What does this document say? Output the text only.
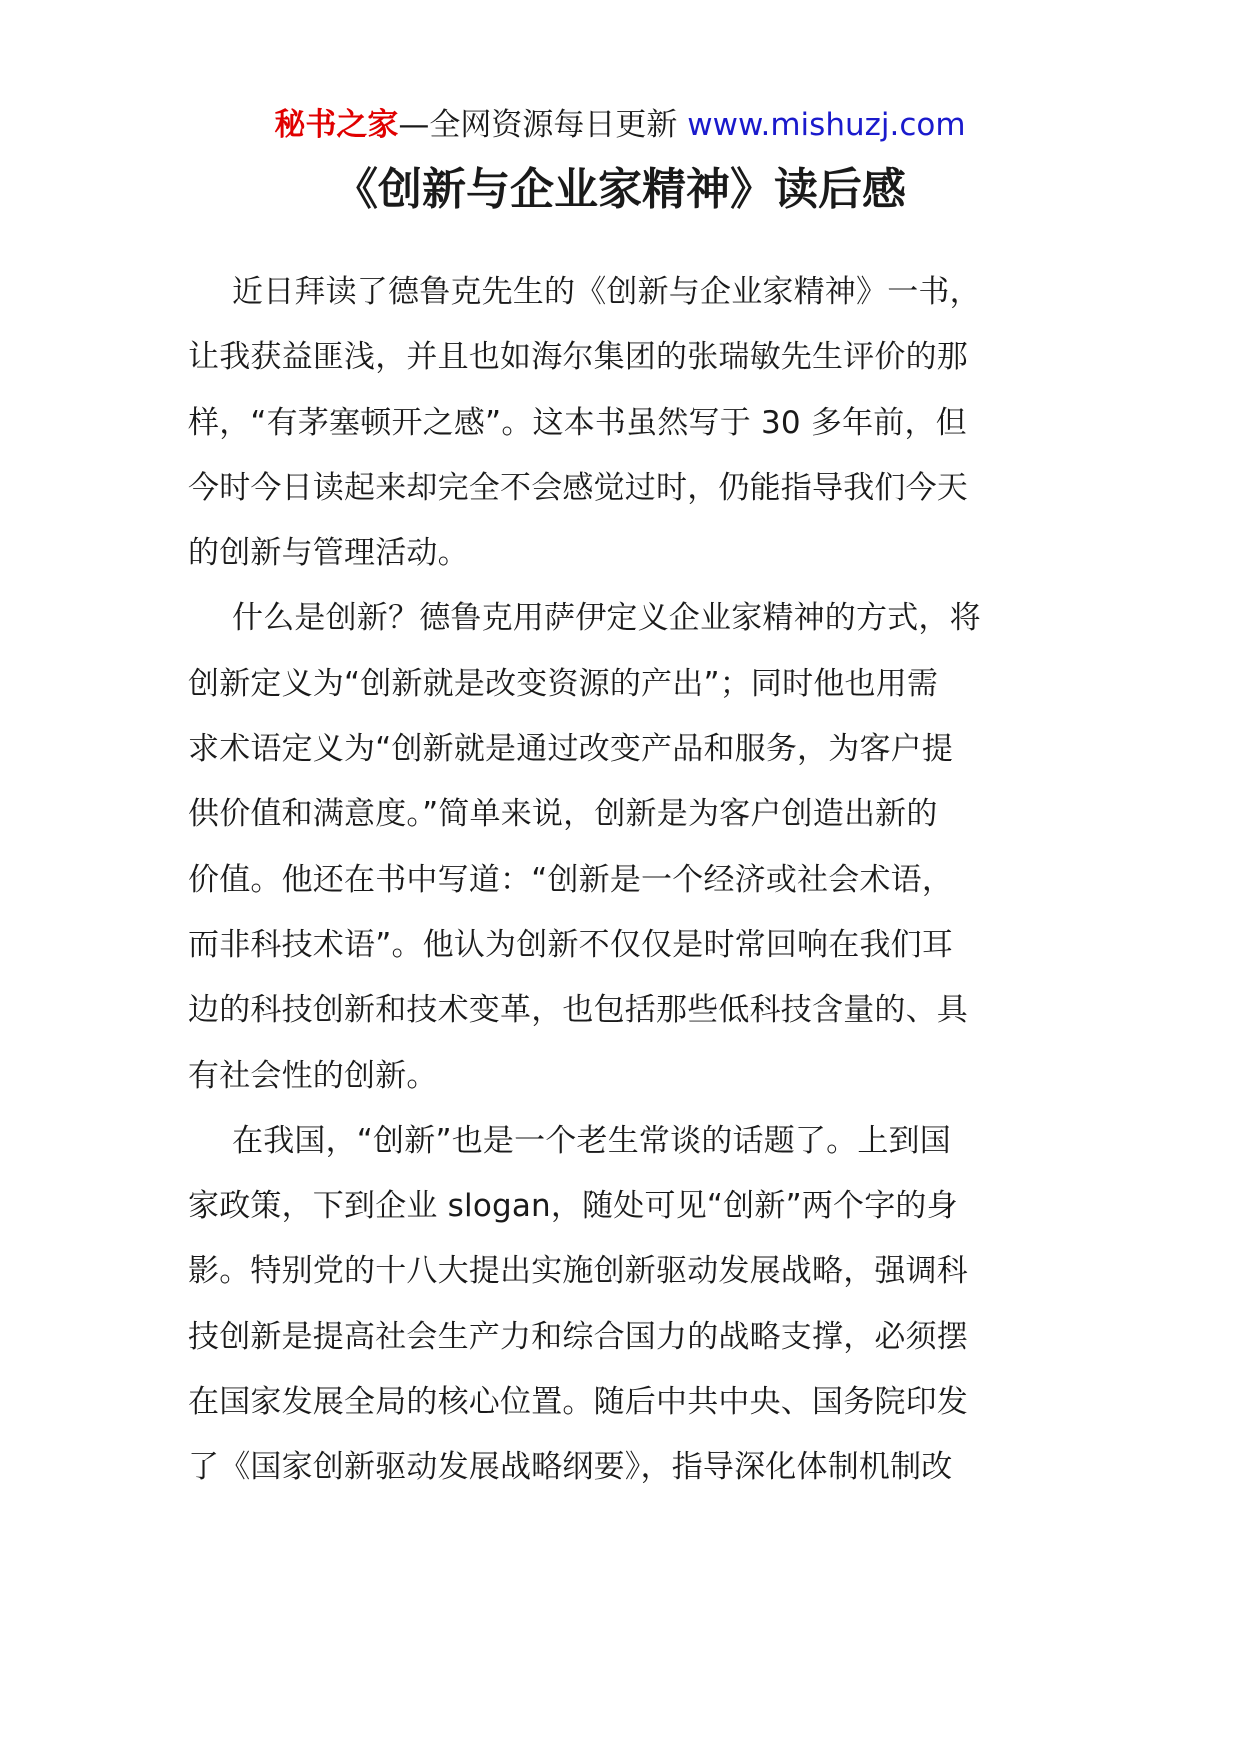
秘书之家—全网资源每日更新 www.mishuzj.com
《创新与企业家精神》读后感
近日拜读了德鲁克先生的《创新与企业家精神》一书，
让我获益匪浅，并且也如海尔集团的张瑞敏先生评价的那
样，“有茅塞顿开之感”。这本书虽然写于 30 多年前，但
今时今日读起来却完全不会感觉过时，仍能指导我们今天
的创新与管理活动。
什么是创新？德鲁克用萨伊定义企业家精神的方式，将
创新定义为“创新就是改变资源的产出”；同时他也用需
求术语定义为“创新就是通过改变产品和服务，为客户提
供价值和满意度。”简单来说，创新是为客户创造出新的
价值。他还在书中写道：“创新是一个经济或社会术语，
而非科技术语”。他认为创新不仅仅是时常回响在我们耳
边的科技创新和技术变革，也包括那些低科技含量的、具
有社会性的创新。
在我国，“创新”也是一个老生常谈的话题了。上到国
家政策，下到企业 slogan，随处可见“创新”两个字的身
影。特别党的十八大提出实施创新驱动发展战略，强调科
技创新是提高社会生产力和综合国力的战略支撑，必须摆
在国家发展全局的核心位置。随后中共中央、国务院印发
了《国家创新驱动发展战略纲要》，指导深化体制机制改
